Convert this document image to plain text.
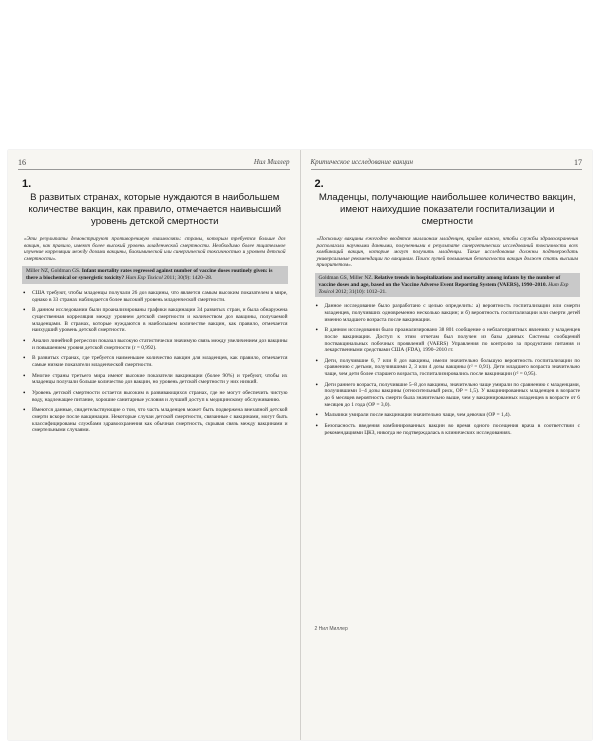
16	Нил Миллер
1.
В развитых странах, которые нуждаются в наибольшем количестве вакцин, как правило, отмечается наивысший уровень детской смертности
«Эти результаты демонстрируют противоречивую взаимосвязь: страны, которым требуется больше доз вакцин, как правило, имеют более высокий уровень младенческой смертности. Необходимо более тщательное изучение корреляции между дозами вакцины, биохимической или синергической токсичностью и уровнем детской смертности».
Miller NZ, Goldman GS. Infant mortality rates regressed against number of vaccine doses routinely given: is there a biochemical or synergistic toxicity? Hum Exp Toxicol 2011; 30(9): 1420–28.
• США требуют, чтобы младенцы получали 26 доз вакцины, что является самым высоким показателем в мире, однако в 33 странах наблюдается более высокий уровень младенческой смертности.
• В данном исследовании были проанализированы графики вакцинации 34 развитых стран, и была обнаружена существенная корреляция между уровнем детской смертности и количеством доз вакцины, получаемой младенцами. В странах, которые нуждаются в наибольшем количестве вакцин, как правило, отмечается наихудший уровень детской смертности.
• Анализ линейной регрессии показал высокую статистически значимую связь между увеличением доз вакцины и повышением уровня детской смертности (r = 0,992).
• В развитых странах, где требуется наименьшее количество вакцин для младенцев, как правило, отмечается самые низкие показатели младенческой смертности.
• Многие страны третьего мира имеют высокие показатели вакцинации (более 90%) и требуют, чтобы их младенцы получали больше количество доз вакцин, но уровень детской смертности у них низкий.
• Уровень детской смертности остается высоким в развивающихся странах, где не могут обеспечить чистую воду, надлежащее питание, хорошие санитарные условия и лучший доступ к медицинскому обслуживанию.
• Имеются данные, свидетельствующие о том, что часть младенцев может быть подвержена внезапной детской смерти вскоре после вакцинации. Некоторые случаи детской смертности, связанные с вакцинами, могут быть классифицированы службами здравоохранения как обычная смертность, скрывая связь между вакцинами и смертельными случаями.
Критическое исследование вакцин	17
2.
Младенцы, получающие наибольшее количество вакцин, имеют наихудшие показатели госпитализации и смертности
«Поскольку вакцины ежегодно вводятся миллионам младенцев, крайне важно, чтобы службы здравоохранения располагали научными данными, полученными в результате синергетических исследований токсичности всех комбинаций вакцин, которые могут получить младенцы. Такие исследования должны подтверждать универсальные рекомендации по вакцинам. Поиск путей повышения безопасности вакцин должен стать высшим приоритетом».
Goldman GS, Miller NZ. Relative trends in hospitalizations and mortality among infants by the number of vaccine doses and age, based on the Vaccine Adverse Event Reporting System (VAERS), 1990–2010. Hum Exp Toxicol 2012; 31(10): 1012–21.
• Данное исследование было разработано с целью определить: а) вероятность госпитализации или смерти младенцев, получивших одновременно несколько вакцин; и б) вероятность госпитализации или смерти детей именно младшего возраста после вакцинации.
• В данном исследовании было проанализировано 38 801 сообщение о неблагоприятных явлениях у младенцев после вакцинации. Доступ к этим отчетам был получен из базы данных Системы сообщений поствакцинальных побочных проявлений (VAERS) Управления по контролю за продуктами питания и лекарственными средствами США (FDA), 1990–2010 гг.
• Дети, получившие 6, 7 или 8 доз вакцины, имели значительно большую вероятность госпитализации по сравнению с детьми, получившими 2, 3 или 4 дозы вакцины (r² = 0,91). Дети младшего возраста значительно чаще, чем дети более старшего возраста, госпитализировались после вакцинации (r² = 0,95).
• Дети раннего возраста, получившие 5–8 доз вакцины, значительно чаще умирали по сравнению с младенцами, получившими 1–4 дозы вакцины (относительный риск, ОР = 1,5). У вакцинированных младенцев в возрасте до 6 месяцев вероятность смерти была значительно выше, чем у вакцинированных младенцев в возрасте от 6 месяцев до 1 года (ОР = 3,0).
• Мальчики умирали после вакцинации значительно чаще, чем девочки (ОР = 1,4).
• Безопасность введения комбинированных вакцин во время одного посещения врача в соответствии с рекомендациями ЦКЗ, никогда не подтверждалась в клинических исследованиях.
2 Нил Миллер
